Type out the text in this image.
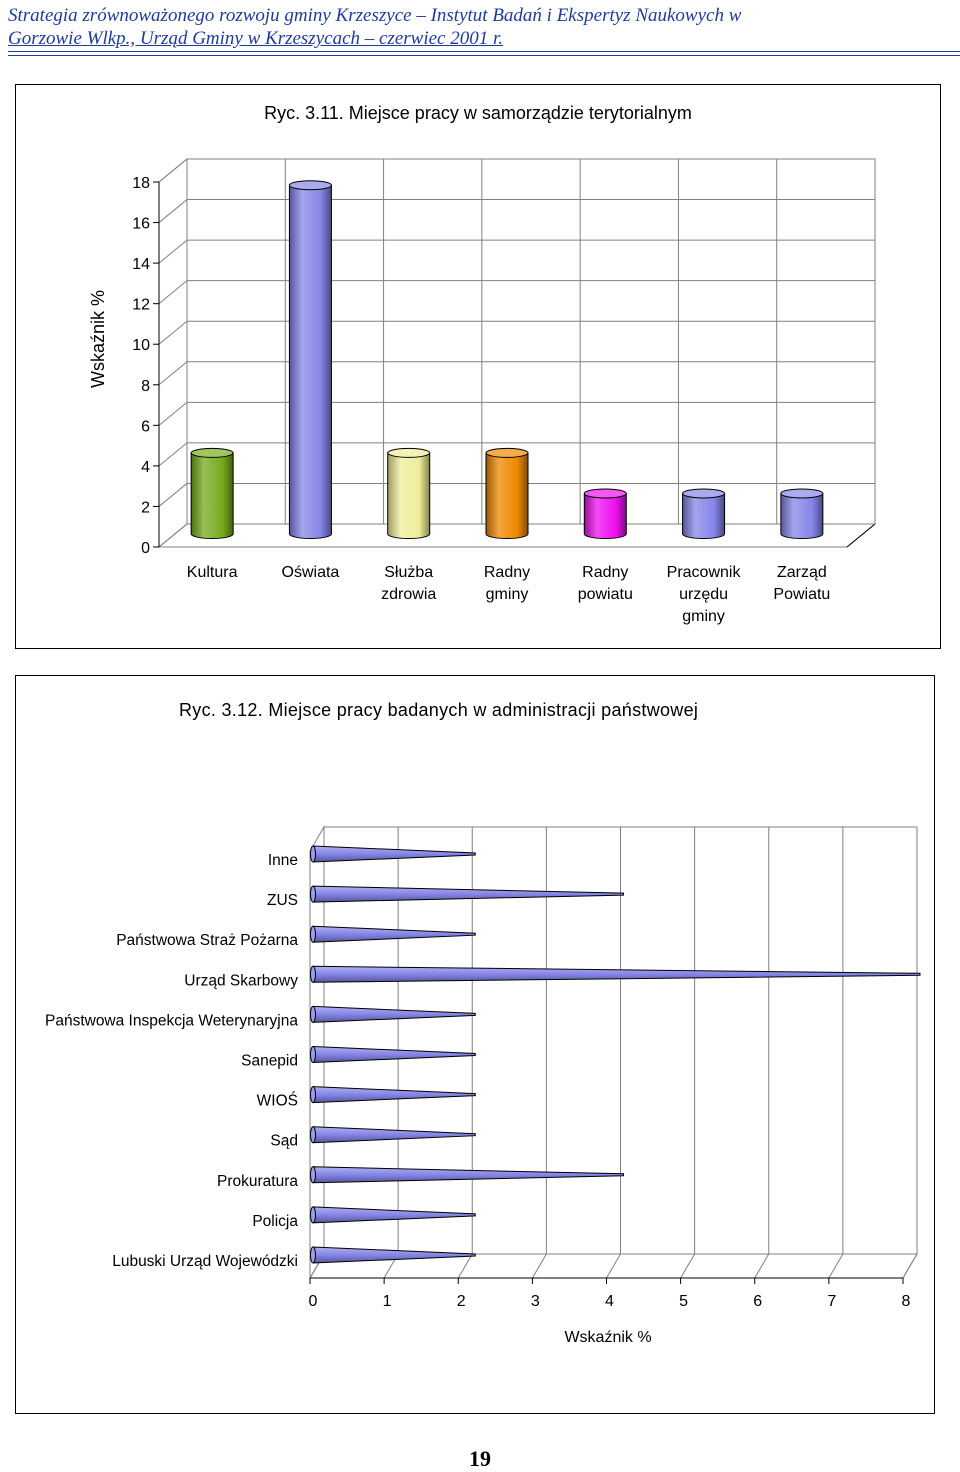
Strategia zrównoważonego rozwoju gminy Krzeszyce – Instytut Badań i Ekspertyz Naukowych w
Gorzowie Wlkp., Urząd Gminy w Krzeszycach – czerwiec 2001 r.
Ryc. 3.11. Miejsce pracy w samorządzie terytorialnym
Wskaźnik %
0
2
4
6
8
10
12
14
16
18
Kultura	Oświata	Służba
zdrowia
Radny
gminy
Radny
powiatu
Pracownik
urzędu
gminy
Zarząd
Powiatu
Ryc. 3.12. Miejsce pracy badanych w administracji państwowej
0	1	2	3	4	5	6	7	8
Wskaźnik %
Inne
ZUS
Państwowa Straż Pożarna
Urząd Skarbowy
Państwowa Inspekcja Weterynaryjna
Sanepid
WIOŚ
Sąd
Prokuratura
Policja
Lubuski Urząd Wojewódzki
19
